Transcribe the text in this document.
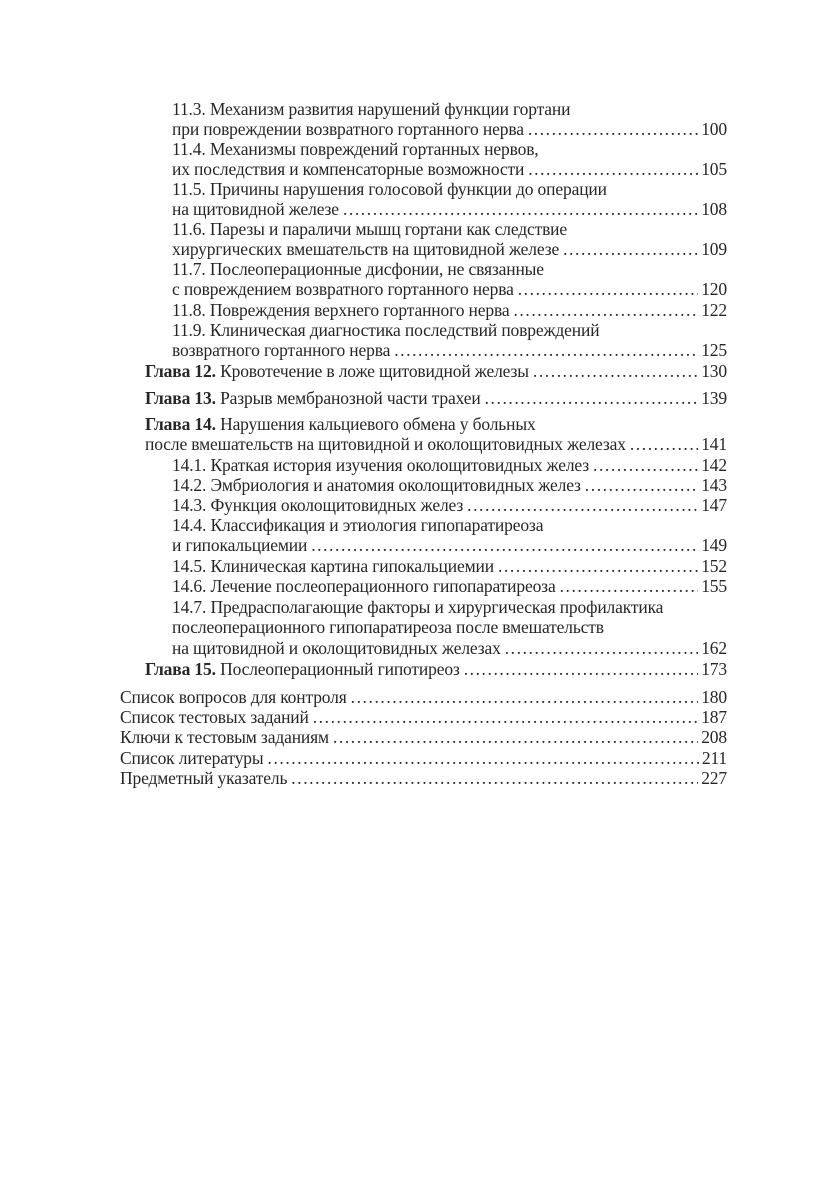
11.3. Механизм развития нарушений функции гортани
при повреждении возвратного гортанного нерва . . .	100
11.4. Механизмы повреждений гортанных нервов,
их последствия и компенсаторные возможности . . .	105
11.5. Причины нарушения голосовой функции до операции
на щитовидной железе . . .	108
11.6. Парезы и параличи мышц гортани как следствие
хирургических вмешательств на щитовидной железе . . .	109
11.7. Послеоперационные дисфонии, не связанные
с повреждением возвратного гортанного нерва . . .	120
11.8. Повреждения верхнего гортанного нерва . . .	122
11.9. Клиническая диагностика последствий повреждений
возвратного гортанного нерва . . .	125
Глава 12. Кровотечение в ложе щитовидной железы . . .	130
Глава 13. Разрыв мембранозной части трахеи . . .	139
Глава 14. Нарушения кальциевого обмена у больных
после вмешательств на щитовидной и околощитовидных железах . . .	141
14.1. Краткая история изучения околощитовидных желез . . .	142
14.2. Эмбриология и анатомия околощитовидных желез . . .	143
14.3. Функция околощитовидных желез . . .	147
14.4. Классификация и этиология гипопаратиреоза
и гипокальциемии . . .	149
14.5. Клиническая картина гипокальциемии . . .	152
14.6. Лечение послеоперационного гипопаратиреоза . . .	155
14.7. Предрасполагающие факторы и хирургическая профилактика
послеоперационного гипопаратиреоза после вмешательств
на щитовидной и околощитовидных железах . . .	162
Глава 15. Послеоперационный гипотиреоз . . .	173
Список вопросов для контроля . . .	180
Список тестовых заданий . . .	187
Ключи к тестовым заданиям . . .	208
Список литературы . . .	211
Предметный указатель . . .	227
